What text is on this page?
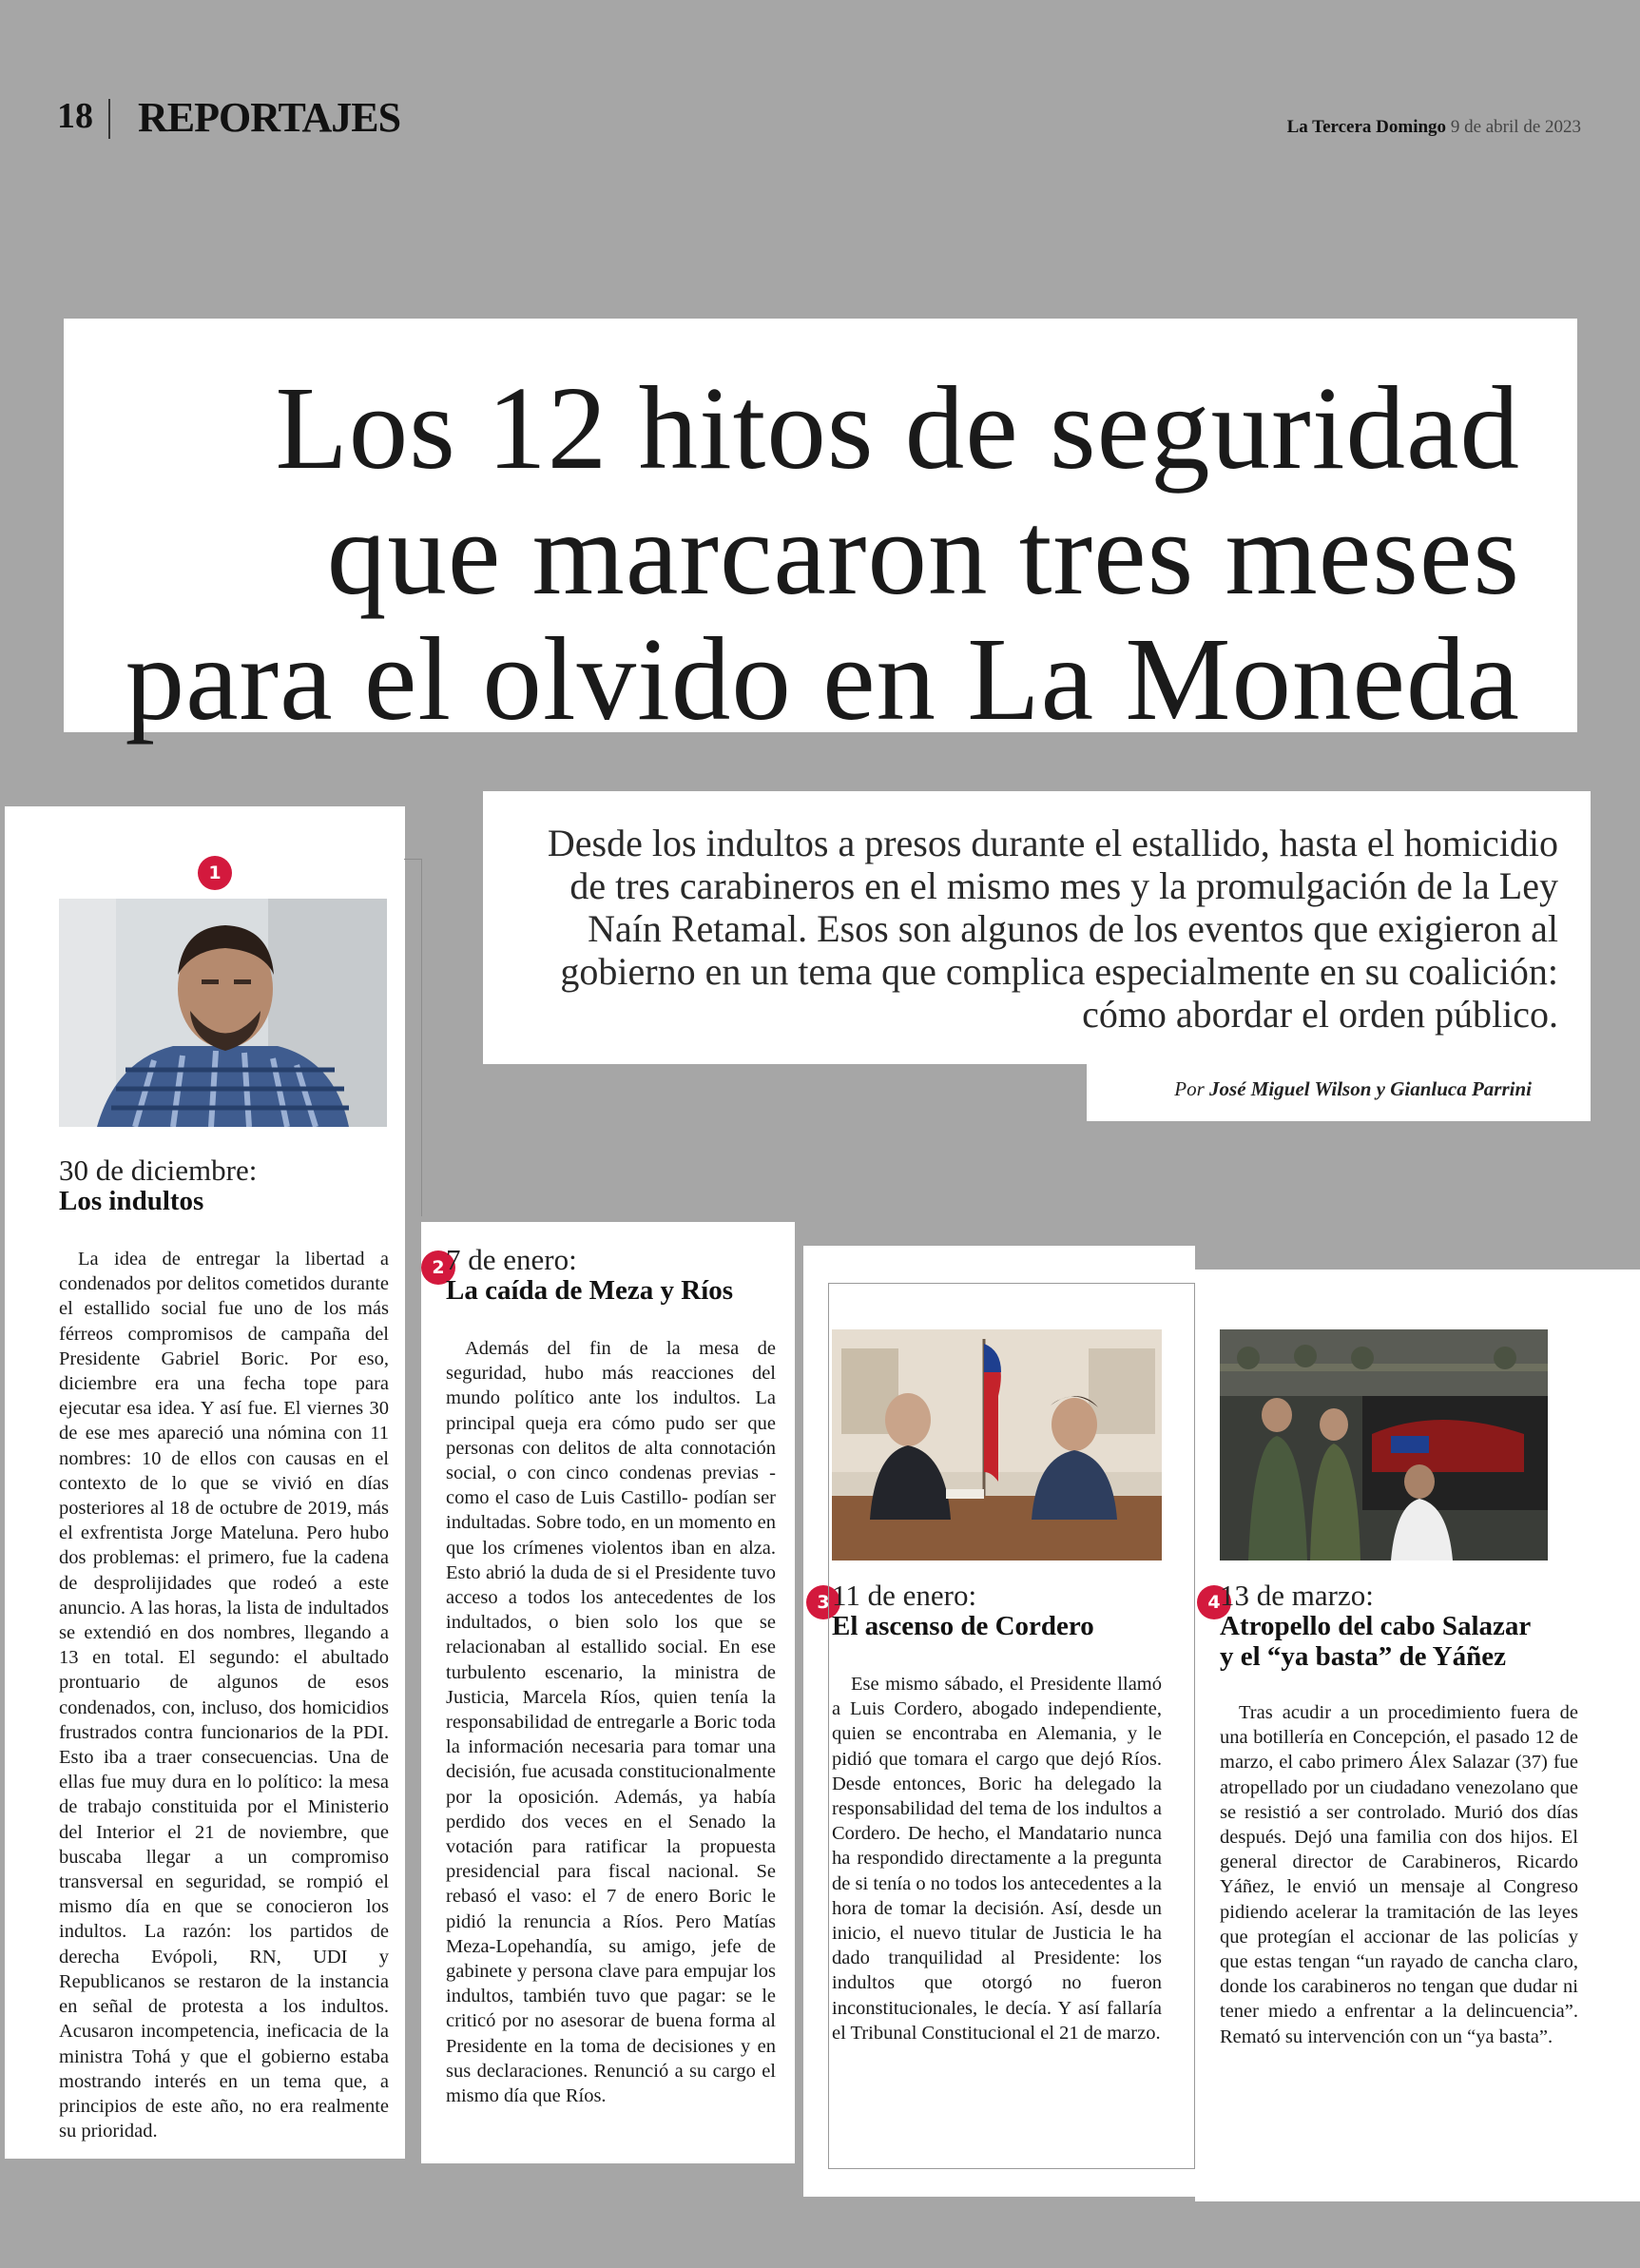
18 REPORTAJES	La Tercera Domingo 9 de abril de 2023
Los 12 hitos de seguridad
que marcaron tres meses
para el olvido en La Moneda
Desde los indultos a presos durante el estallido, hasta el homicidio de tres carabineros en el mismo mes y la promulgación de la Ley Naín Retamal. Esos son algunos de los eventos que exigieron al gobierno en un tema que complica especialmente en su coalición: cómo abordar el orden público.
Por José Miguel Wilson y Gianluca Parrini
1
30 de diciembre:
Los indultos
La idea de entregar la libertad a condenados por delitos cometidos durante el estallido social fue uno de los más férreos compromisos de campaña del Presidente Gabriel Boric. Por eso, diciembre era una fecha tope para ejecutar esa idea. Y así fue. El viernes 30 de ese mes apareció una nómina con 11 nombres: 10 de ellos con causas en el contexto de lo que se vivió en días posteriores al 18 de octubre de 2019, más el exfrentista Jorge Mateluna. Pero hubo dos problemas: el primero, fue la cadena de desprolijidades que rodeó a este anuncio. A las horas, la lista de indultados se extendió en dos nombres, llegando a 13 en total. El segundo: el abultado prontuario de algunos de esos condenados, con, incluso, dos homicidios frustrados contra funcionarios de la PDI. Esto iba a traer consecuencias. Una de ellas fue muy dura en lo político: la mesa de trabajo constituida por el Ministerio del Interior el 21 de noviembre, que buscaba llegar a un compromiso transversal en seguridad, se rompió el mismo día en que se conocieron los indultos. La razón: los partidos de derecha Evópoli, RN, UDI y Republicanos se restaron de la instancia en señal de protesta a los indultos. Acusaron incompetencia, ineficacia de la ministra Tohá y que el gobierno estaba mostrando interés en un tema que, a principios de este año, no era realmente su prioridad.
2 7 de enero:
La caída de Meza y Ríos
Además del fin de la mesa de seguridad, hubo más reacciones del mundo político ante los indultos. La principal queja era cómo pudo ser que personas con delitos de alta connotación social, o con cinco condenas previas -como el caso de Luis Castillo- podían ser indultadas. Sobre todo, en un momento en que los crímenes violentos iban en alza. Esto abrió la duda de si el Presidente tuvo acceso a todos los antecedentes de los indultados, o bien solo los que se relacionaban al estallido social. En ese turbulento escenario, la ministra de Justicia, Marcela Ríos, quien tenía la responsabilidad de entregarle a Boric toda la información necesaria para tomar una decisión, fue acusada constitucionalmente por la oposición. Además, ya había perdido dos veces en el Senado la votación para ratificar la propuesta presidencial para fiscal nacional. Se rebasó el vaso: el 7 de enero Boric le pidió la renuncia a Ríos. Pero Matías Meza-Lopehandía, su amigo, jefe de gabinete y persona clave para empujar los indultos, también tuvo que pagar: se le criticó por no asesorar de buena forma al Presidente en la toma de decisiones y en sus declaraciones. Renunció a su cargo el mismo día que Ríos.
3 11 de enero:
El ascenso de Cordero
Ese mismo sábado, el Presidente llamó a Luis Cordero, abogado independiente, quien se encontraba en Alemania, y le pidió que tomara el cargo que dejó Ríos. Desde entonces, Boric ha delegado la responsabilidad del tema de los indultos a Cordero. De hecho, el Mandatario nunca ha respondido directamente a la pregunta de si tenía o no todos los antecedentes a la hora de tomar la decisión. Así, desde un inicio, el nuevo titular de Justicia le ha dado tranquilidad al Presidente: los indultos que otorgó no fueron inconstitucionales, le decía. Y así fallaría el Tribunal Constitucional el 21 de marzo.
4 13 de marzo:
Atropello del cabo Salazar
y el “ya basta” de Yáñez
Tras acudir a un procedimiento fuera de una botillería en Concepción, el pasado 12 de marzo, el cabo primero Álex Salazar (37) fue atropellado por un ciudadano venezolano que se resistió a ser controlado. Murió dos días después. Dejó una familia con dos hijos. El general director de Carabineros, Ricardo Yáñez, le envió un mensaje al Congreso pidiendo acelerar la tramitación de las leyes que protegían el accionar de las policías y que estas tengan “un rayado de cancha claro, donde los carabineros no tengan que dudar ni tener miedo a enfrentar a la delincuencia”. Remató su intervención con un “ya basta”.
